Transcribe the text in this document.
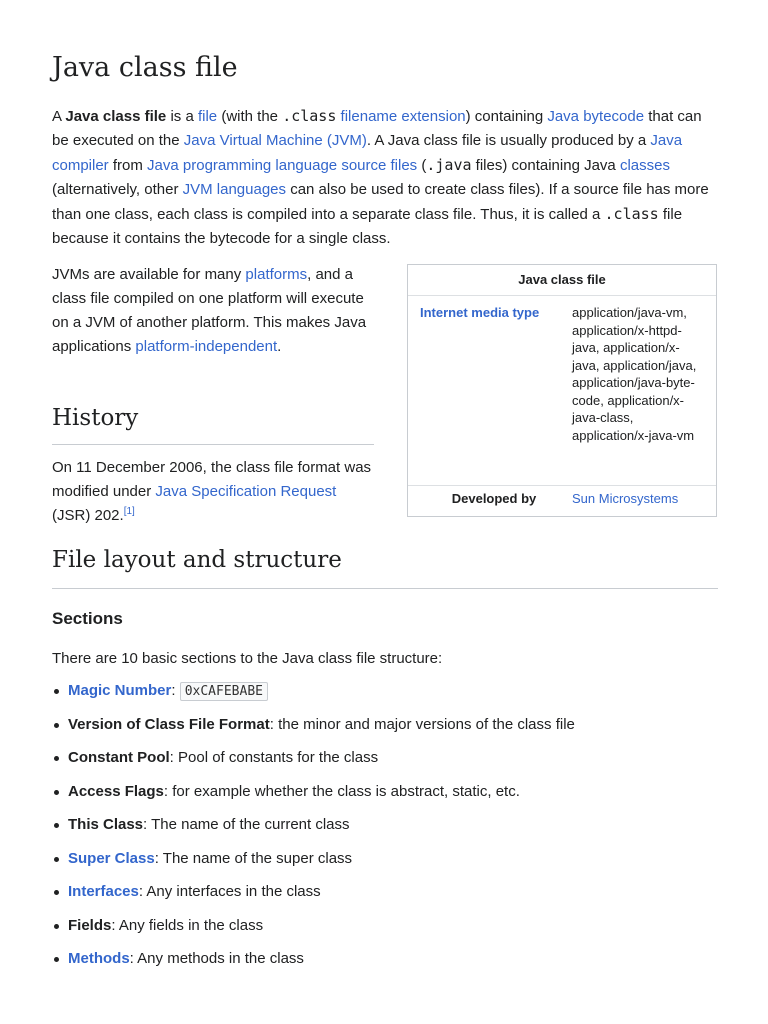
Java class file

A Java class file is a file (with the .class filename extension) containing Java bytecode that can be executed on the Java Virtual Machine (JVM). A Java class file is usually produced by a Java compiler from Java programming language source files (.java files) containing Java classes (alternatively, other JVM languages can also be used to create class files). If a source file has more than one class, each class is compiled into a separate class file. Thus, it is called a .class file because it contains the bytecode for a single class.

JVMs are available for many platforms, and a class file compiled on one platform will execute on a JVM of another platform. This makes Java applications platform-independent.

History

On 11 December 2006, the class file format was modified under Java Specification Request (JSR) 202.[1]

Java class file
Internet media type	application/java-vm, application/x-httpd-java, application/x-java, application/java, application/java-byte-code, application/x-java-class, application/x-java-vm
Developed by	Sun Microsystems
File layout and structure
Sections

There are 10 basic sections to the Java class file structure:

Magic Number: 0xCAFEBABE
Version of Class File Format: the minor and major versions of the class file
Constant Pool: Pool of constants for the class
Access Flags: for example whether the class is abstract, static, etc.
This Class: The name of the current class
Super Class: The name of the super class
Interfaces: Any interfaces in the class
Fields: Any fields in the class
Methods: Any methods in the class
